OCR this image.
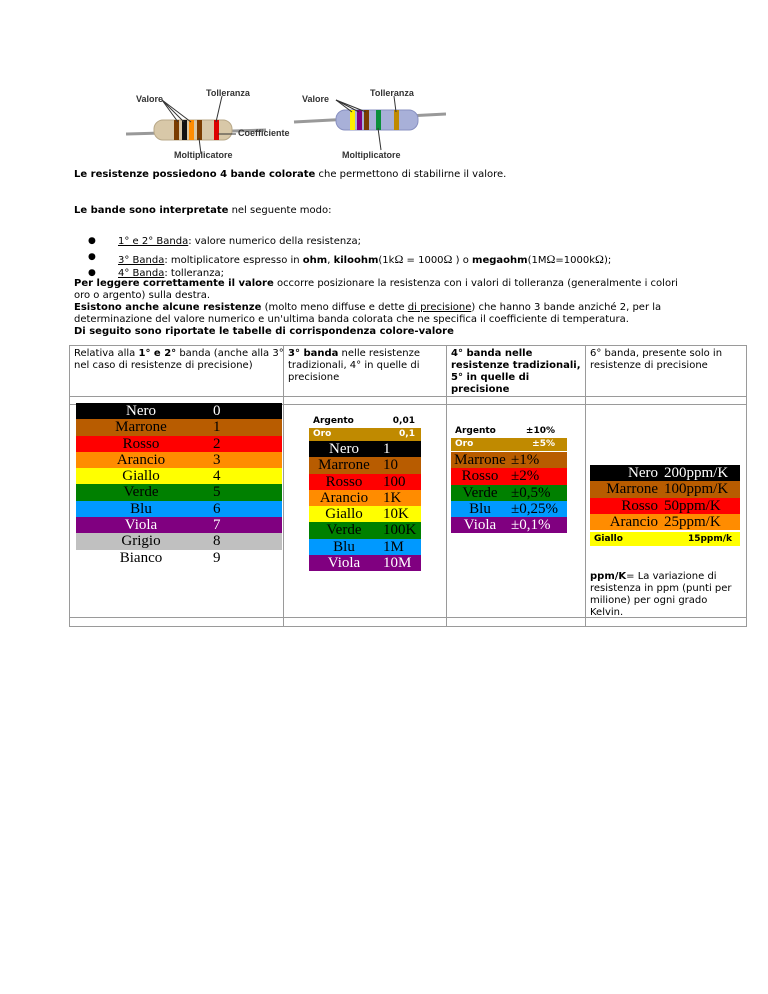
Valore
Tolleranza
Coefficiente
Moltiplicatore
Valore
Tolleranza
Moltiplicatore

Le resistenze possiedono 4 bande colorate che permettono di stabilirne il valore.

Le bande sono interpretate nel seguente modo:

● 1° e 2° Banda: valore numerico della resistenza;
● 3° Banda: moltiplicatore espresso in ohm, kiloohm(1kΩ = 1000Ω ) o megaohm(1MΩ=1000kΩ);
● 4° Banda: tolleranza;
Per leggere correttamente il valore occorre posizionare la resistenza con i valori di tolleranza (generalmente i colori
oro o argento) sulla destra.
Esistono anche alcune resistenze (molto meno diffuse e dette di precisione) che hanno 3 bande anziché 2, per la
determinazione del valore numerico e un'ultima banda colorata che ne specifica il coefficiente di temperatura.
Di seguito sono riportate le tabelle di corrispondenza colore-valore
Relativa alla 1° e 2° banda (anche alla 3°
nel caso di resistenze di precisione)
3° banda nelle resistenze
tradizionali, 4° in quelle di
precisione
4° banda nelle
resistenze tradizionali,
5° in quelle di
precisione
6° banda, presente solo in
resistenze di precisione
Nero	0
Marrone	1
Rosso	2
Arancio	3
Giallo	4
Verde	5
Blu	6
Viola	7
Grigio	8
Bianco	9
Argento	0,01
Oro	0,1
Nero	1
Marrone 10
Rosso	100
Arancio 1K
Giallo	10K
Verde	100K
Blu	1M
Viola	10M
Argento	±10%
Oro	±5%
Marrone ±1%
Rosso ±2%
Verde ±0,5%
Blu	±0,25%
Viola ±0,1%
Nero 200ppm/K
Marrone 100ppm/K
Rosso 50ppm/K
Arancio 25ppm/K
Giallo	15ppm/k
ppm/K= La variazione di
resistenza in ppm (punti per
milione) per ogni grado
Kelvin.
